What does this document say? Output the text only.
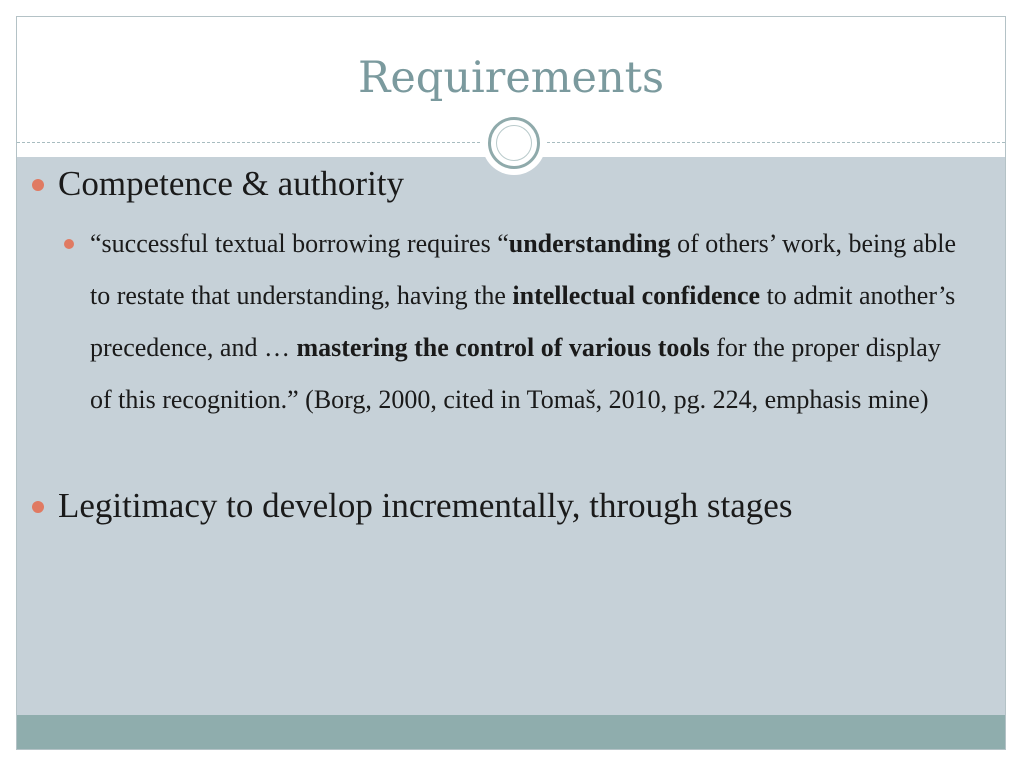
Requirements
Competence & authority
“successful textual borrowing requires “understanding of others’ work, being able to restate that understanding, having the intellectual confidence to admit another’s precedence, and … mastering the control of various tools for the proper display of this recognition.” (Borg, 2000, cited in Tomaš, 2010, pg. 224, emphasis mine)
Legitimacy to develop incrementally, through stages
